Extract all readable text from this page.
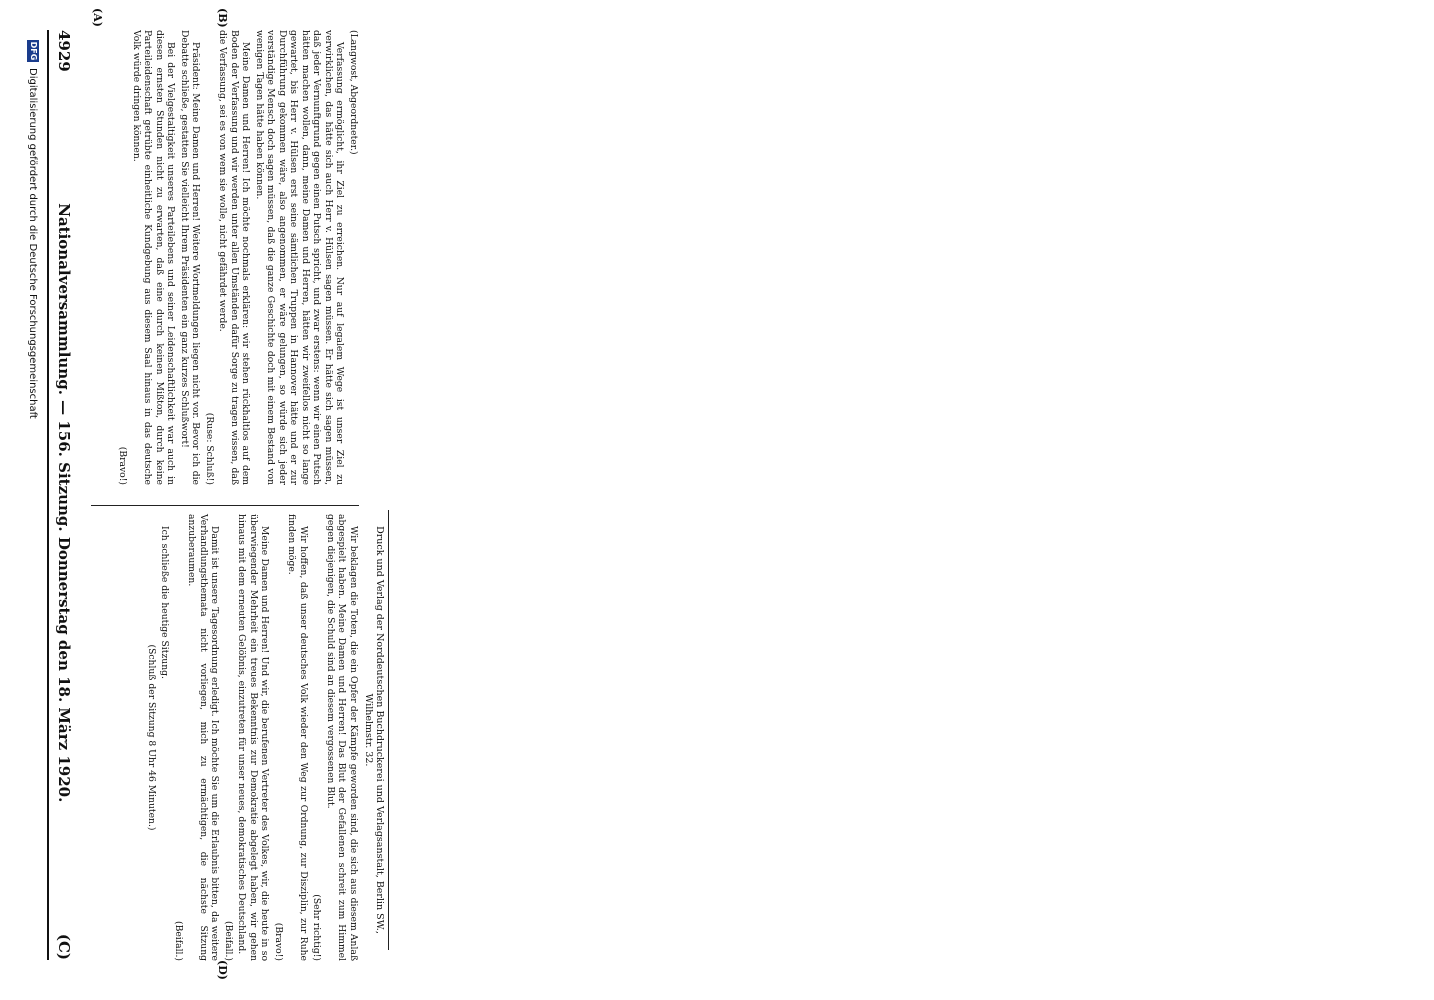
DFG
Digitalisierung gefördert durch die Deutsche Forschungsgemeinschaft
4929
Nationalversammlung. — 156. Sitzung. Donnerstag den 18. März 1920.
(C)

(Langwost, Abgeordneter.)

Verfassung ermöglicht, ihr Ziel zu erreichen. Nur auf legalem Wege ist unser Ziel zu verwirklichen, das hätte sich auch Herr v. Hülsen sagen müssen. Er hätte sich sagen müssen, daß jeder Vernunftgrund gegen einen Putsch spricht, und zwar erstens: wenn wir einen Putsch hätten machen wollen, dann, meine Damen und Herren, hätten wir zweifellos nicht so lange gewartet, bis Herr v. Hülsen erst seine sämtlichen Truppen in Hannover hätte und er zur Durchführung gekommen wäre, also angenommen, er wäre gelungen, so würde sich jeder verständige Mensch doch sagen müssen, daß die ganze Geschichte doch mit einem Bestand von wenigen Tagen hätte haben können.

Meine Damen und Herren! Ich möchte nochmals erklären: wir stehen rückhaltlos auf dem Boden der Verfassung und wir werden unter allen Umständen dafür Sorge zu tragen wissen, daß die Verfassung, sei es von wem sie wolle, nicht gefährdet werde.

(Ruse: Schluß!)

Präsident: Meine Damen und Herren! Weitere Wortmeldungen liegen nicht vor. Bevor ich die Debatte schließe, gestatten Sie vielleicht Ihrem Präsidenten ein ganz kurzes Schlußwort!

Bei der Vielgestaltigkeit unseres Parteilebens und seiner Leidenschaftlichkeit war auch in diesen ernsten Stunden nicht zu erwarten, daß eine durch keinen Mißton, durch keine Parteileidenschaft getrübte einheitliche Kundgebung aus diesem Saal hinaus in das deutsche Volk würde dringen können.

(Bravo!)

Wir beklagen die Toten, die ein Opfer der Kämpfe geworden sind, die sich aus diesem Anlaß abgespielt haben. Meine Damen und Herren! Das Blut der Gefallenen schreit zum Himmel gegen diejenigen, die Schuld sind an diesem vergossenen Blut.

(Sehr richtig!)

Wir hoffen, daß unser deutsches Volk wieder den Weg zur Ordnung, zur Disziplin, zur Ruhe finden möge.

(Bravo!)

Meine Damen und Herren! Und wir, die berufenen Vertreter des Volkes, wir, die heute in so überwiegender Mehrheit ein treues Bekenntnis zur Demokratie abgelegt haben, wir gehen hinaus mit dem erneuten Gelöbnis, einzutreten für unser neues, demokratisches Deutschland.

(Beifall.)

Damit ist unsere Tagesordnung erledigt. Ich möchte Sie um die Erlaubnis bitten, da weitere Verhandlungsthemata nicht vorliegen, mich zu ermächtigen, die nächste Sitzung anzuberaumen.

(Beifall.)

Ich schließe die heutige Sitzung.

(Schluß der Sitzung 8 Uhr 46 Minuten.)

(A)	(B)
(D)
Druck und Verlag der Norddeutschen Buchdruckerei und Verlagsanstalt, Berlin SW., Wilhelmstr. 32.
